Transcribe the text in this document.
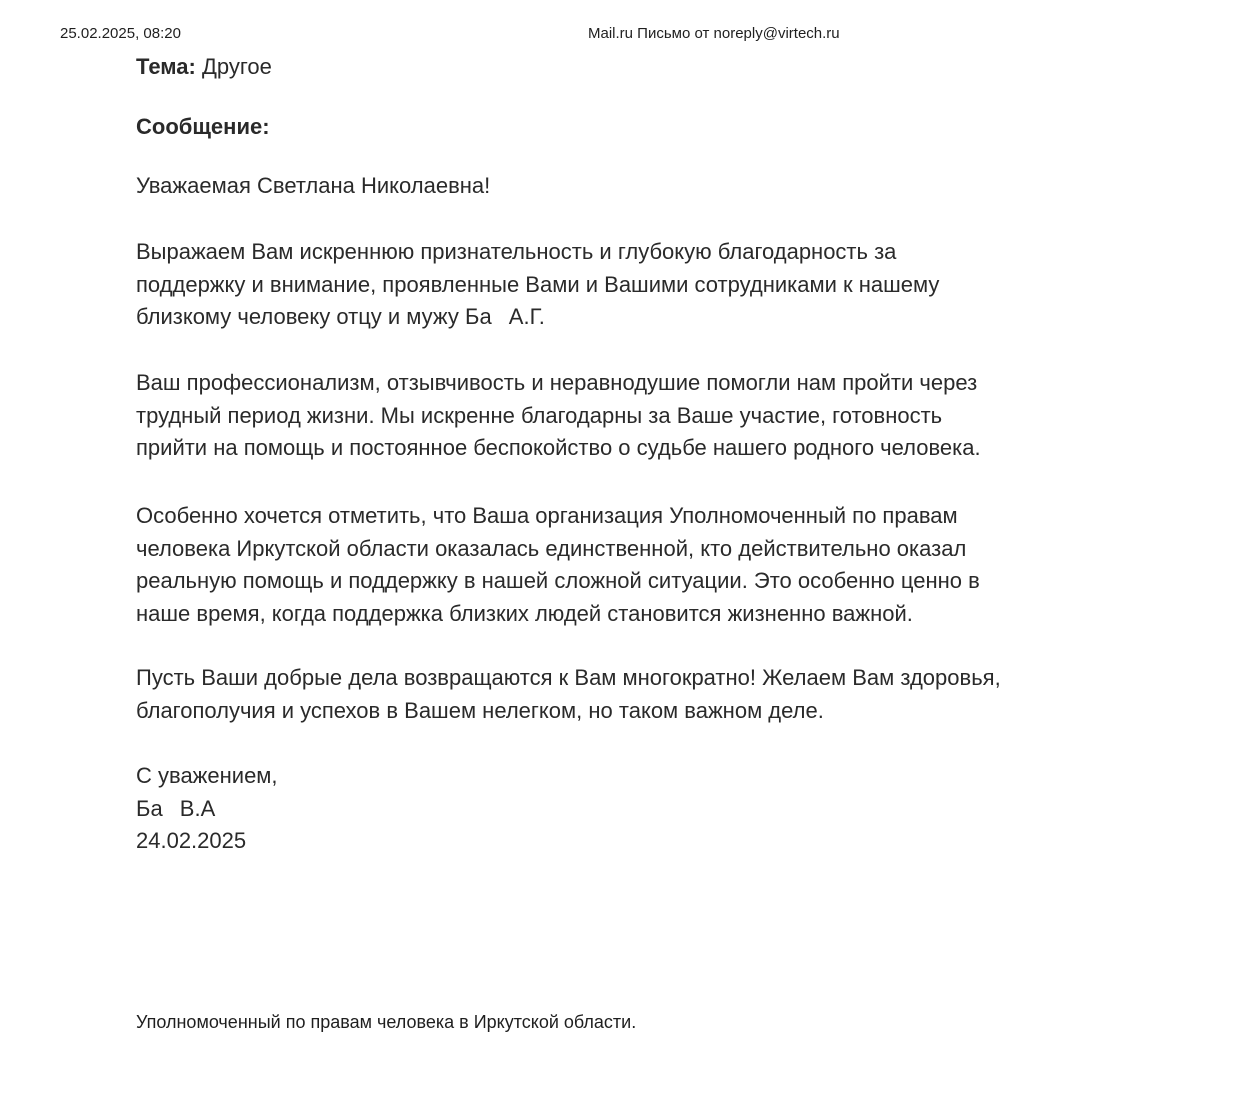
25.02.2025, 08:20	Mail.ru Письмо от noreply@virtech.ru
Тема: Другое
Сообщение:
Уважаемая Светлана Николаевна!
Выражаем Вам искреннюю признательность и глубокую благодарность за
поддержку и внимание, проявленные Вами и Вашими сотрудниками к нашему
близкому человеку отцу и мужу Ба   А.Г.
Ваш профессионализм, отзывчивость и неравнодушие помогли нам пройти через
трудный период жизни. Мы искренне благодарны за Ваше участие, готовность
прийти на помощь и постоянное беспокойство о судьбе нашего родного человека.
Особенно хочется отметить, что Ваша организация Уполномоченный по правам
человека Иркутской области оказалась единственной, кто действительно оказал
реальную помощь и поддержку в нашей сложной ситуации. Это особенно ценно в
наше время, когда поддержка близких людей становится жизненно важной.
Пусть Ваши добрые дела возвращаются к Вам многократно! Желаем Вам здоровья,
благополучия и успехов в Вашем нелегком, но таком важном деле.
С уважением,
Ба   В.А
24.02.2025
Уполномоченный по правам человека в Иркутской области.
